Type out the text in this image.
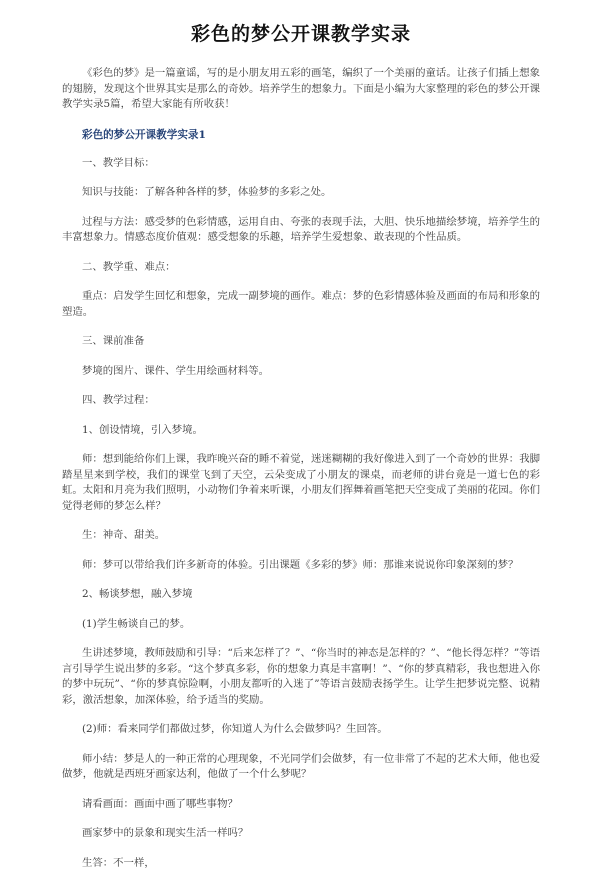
彩色的梦公开课教学实录

《彩色的梦》是一篇童谣，写的是小朋友用五彩的画笔，编织了一个美丽的童话。让孩子们插上想象的翅膀，发现这个世界其实是那么的奇妙。培养学生的想象力。下面是小编为大家整理的彩色的梦公开课教学实录5篇，希望大家能有所收获！

彩色的梦公开课教学实录1

一、教学目标：

知识与技能：了解各种各样的梦，体验梦的多彩之处。

过程与方法：感受梦的色彩情感，运用自由、夸张的表现手法，大胆、快乐地描绘梦境，培养学生的丰富想象力。情感态度价值观：感受想象的乐趣，培养学生爱想象、敢表现的个性品质。

二、教学重、难点：

重点：启发学生回忆和想象，完成一副梦境的画作。难点：梦的色彩情感体验及画面的布局和形象的塑造。

三、课前准备

梦境的图片、课件、学生用绘画材料等。

四、教学过程：

1、创设情境，引入梦境。

师：想到能给你们上课，我昨晚兴奋的睡不着觉，迷迷糊糊的我好像进入到了一个奇妙的世界：我脚踏星星来到学校，我们的课堂飞到了天空，云朵变成了小朋友的课桌，而老师的讲台竟是一道七色的彩虹。太阳和月亮为我们照明，小动物们争着来听课，小朋友们挥舞着画笔把天空变成了美丽的花园。你们觉得老师的梦怎么样？

生：神奇、甜美。

师：梦可以带给我们许多新奇的体验。引出课题《多彩的梦》师：那谁来说说你印象深刻的梦？

2、畅谈梦想，融入梦境

(1)学生畅谈自己的梦。

生讲述梦境，教师鼓励和引导：“后来怎样了？”、“你当时的神态是怎样的？”、“他长得怎样？”等语言引导学生说出梦的多彩。“这个梦真多彩，你的想象力真是丰富啊！”、“你的梦真精彩，我也想进入你的梦中玩玩”、“你的梦真惊险啊，小朋友都听的入迷了”等语言鼓励表扬学生。让学生把梦说完整、说精彩，激活想象，加深体验，给予适当的奖励。

(2)师：看来同学们都做过梦，你知道人为什么会做梦吗？生回答。

师小结：梦是人的一种正常的心理现象，不光同学们会做梦，有一位非常了不起的艺术大师，他也爱做梦，他就是西班牙画家达利，他做了一个什么梦呢？

请看画面：画面中画了哪些事物？

画家梦中的景象和现实生活一样吗？

生答：不一样，
